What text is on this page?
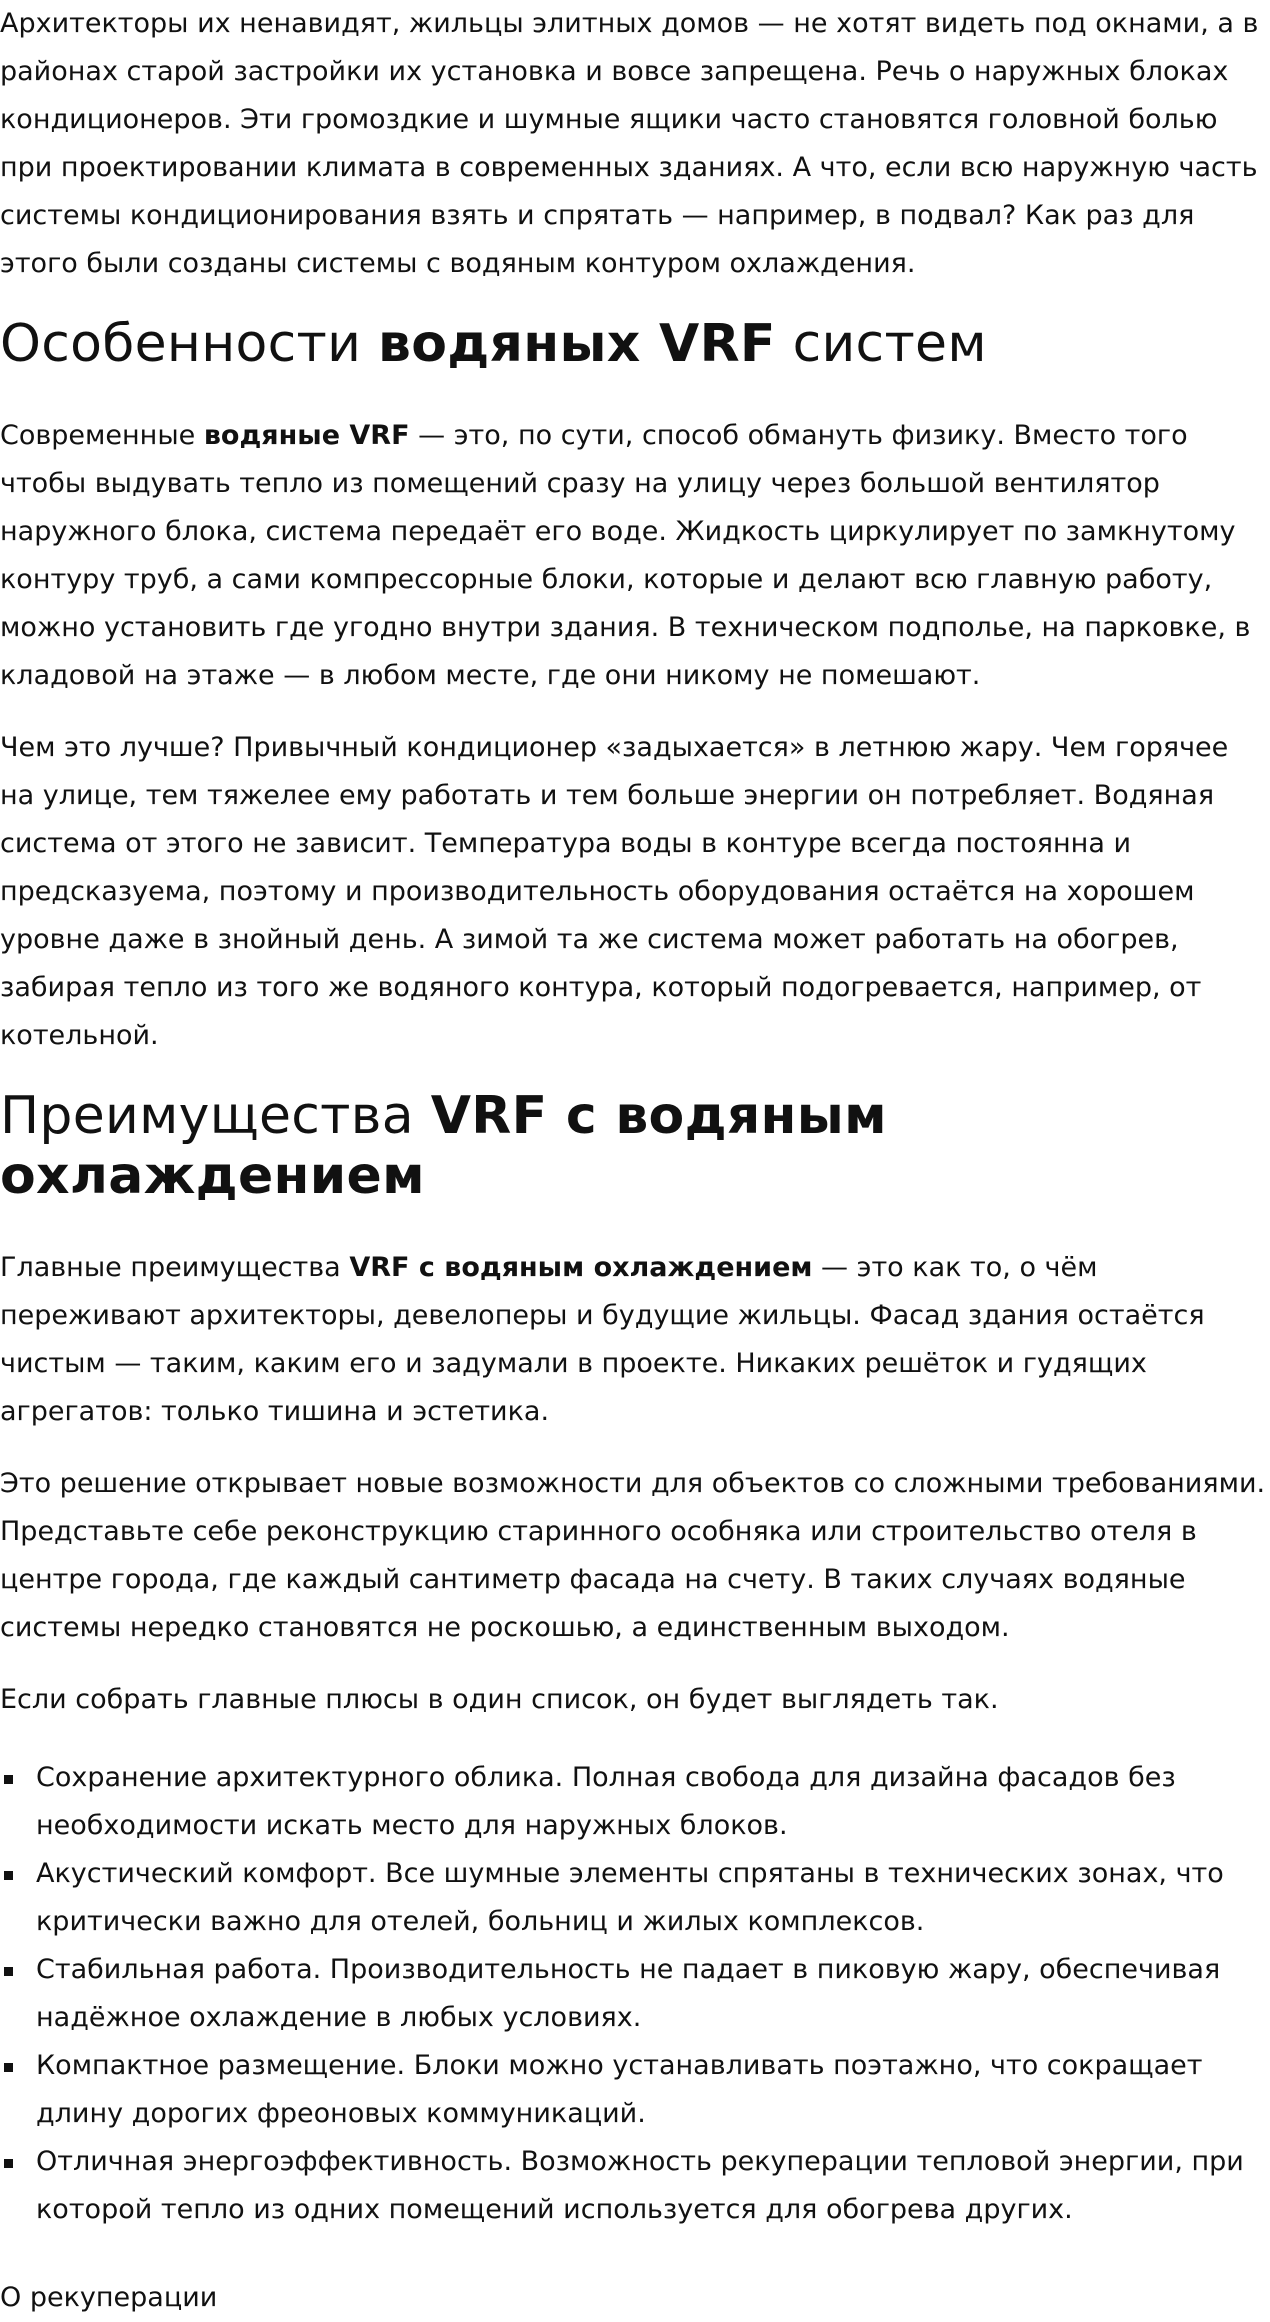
Архитекторы их ненавидят, жильцы элитных домов — не хотят видеть под окнами, а в районах старой застройки их установка и вовсе запрещена. Речь о наружных блоках кондиционеров. Эти громоздкие и шумные ящики часто становятся головной болью при проектировании климата в современных зданиях. А что, если всю наружную часть системы кондиционирования взять и спрятать — например, в подвал? Как раз для этого были созданы системы с водяным контуром охлаждения.

Особенности водяных VRF систем

Современные водяные VRF — это, по сути, способ обмануть физику. Вместо того чтобы выдувать тепло из помещений сразу на улицу через большой вентилятор наружного блока, система передаёт его воде. Жидкость циркулирует по замкнутому контуру труб, а сами компрессорные блоки, которые и делают всю главную работу, можно установить где угодно внутри здания. В техническом подполье, на парковке, в кладовой на этаже — в любом месте, где они никому не помешают.

Чем это лучше? Привычный кондиционер «задыхается» в летнюю жару. Чем горячее на улице, тем тяжелее ему работать и тем больше энергии он потребляет. Водяная система от этого не зависит. Температура воды в контуре всегда постоянна и предсказуема, поэтому и производительность оборудования остаётся на хорошем уровне даже в знойный день. А зимой та же система может работать на обогрев, забирая тепло из того же водяного контура, который подогревается, например, от котельной.

Преимущества VRF с водяным охлаждением

Главные преимущества VRF с водяным охлаждением — это как то, о чём переживают архитекторы, девелоперы и будущие жильцы. Фасад здания остаётся чистым — таким, каким его и задумали в проекте. Никаких решёток и гудящих агрегатов: только тишина и эстетика.

Это решение открывает новые возможности для объектов со сложными требованиями. Представьте себе реконструкцию старинного особняка или строительство отеля в центре города, где каждый сантиметр фасада на счету. В таких случаях водяные системы нередко становятся не роскошью, а единственным выходом.

Если собрать главные плюсы в один список, он будет выглядеть так.

Сохранение архитектурного облика. Полная свобода для дизайна фасадов без необходимости искать место для наружных блоков.
Акустический комфорт. Все шумные элементы спрятаны в технических зонах, что критически важно для отелей, больниц и жилых комплексов.
Стабильная работа. Производительность не падает в пиковую жару, обеспечивая надёжное охлаждение в любых условиях.
Компактное размещение. Блоки можно устанавливать поэтажно, что сокращает длину дорогих фреоновых коммуникаций.
Отличная энергоэффективность. Возможность рекуперации тепловой энергии, при которой тепло из одних помещений используется для обогрева других.

О рекуперации
